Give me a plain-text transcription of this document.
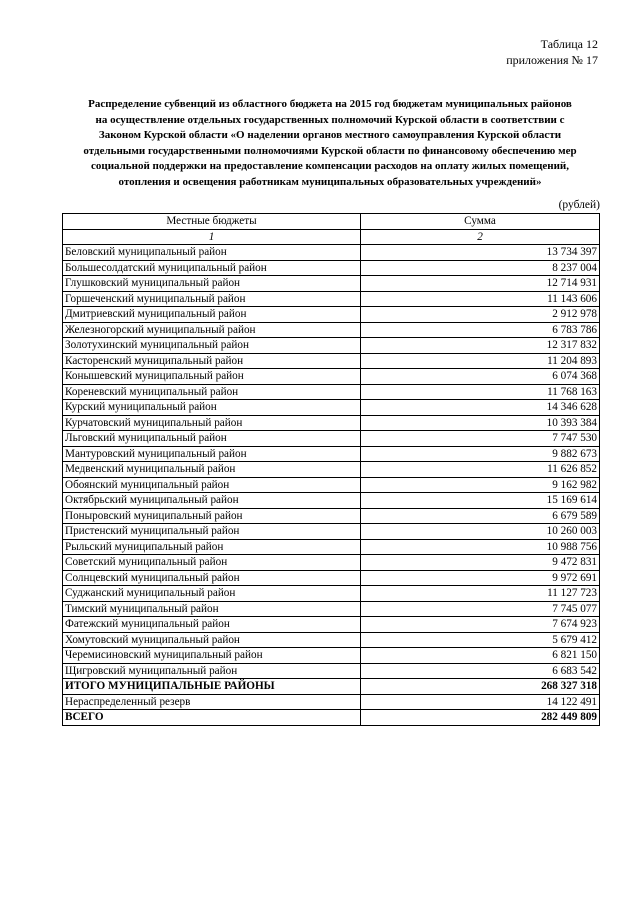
Таблица 12
приложения № 17
Распределение субвенций из областного бюджета на 2015 год бюджетам муниципальных районов
на осуществление отдельных государственных полномочий Курской области в соответствии с
Законом Курской области «О наделении органов местного самоуправления Курской области
отдельными государственными полномочиями Курской области по финансовому обеспечению мер
социальной поддержки на предоставление компенсации расходов на оплату жилых помещений,
отопления и освещения работникам муниципальных образовательных учреждений»
(рублей)
Местные бюджеты	Сумма
1	2
Беловский муниципальный район	13 734 397
Большесолдатский муниципальный район	8 237 004
Глушковский муниципальный район	12 714 931
Горшеченский муниципальный район	11 143 606
Дмитриевский муниципальный район	2 912 978
Железногорский муниципальный район	6 783 786
Золотухинский муниципальный район	12 317 832
Касторенский муниципальный район	11 204 893
Конышевский муниципальный район	6 074 368
Кореневский муниципальный район	11 768 163
Курский муниципальный район	14 346 628
Курчатовский муниципальный район	10 393 384
Льговский муниципальный район	7 747 530
Мантуровский муниципальный район	9 882 673
Медвенский муниципальный район	11 626 852
Обоянский муниципальный район	9 162 982
Октябрьский муниципальный район	15 169 614
Поныровский муниципальный район	6 679 589
Пристенский муниципальный район	10 260 003
Рыльский муниципальный район	10 988 756
Советский муниципальный район	9 472 831
Солнцевский муниципальный район	9 972 691
Суджанский муниципальный район	11 127 723
Тимский муниципальный район	7 745 077
Фатежский муниципальный район	7 674 923
Хомутовский муниципальный район	5 679 412
Черемисиновский муниципальный район	6 821 150
Щигровский муниципальный район	6 683 542
ИТОГО МУНИЦИПАЛЬНЫЕ РАЙОНЫ	268 327 318
Нераспределенный резерв	14 122 491
ВСЕГО	282 449 809
